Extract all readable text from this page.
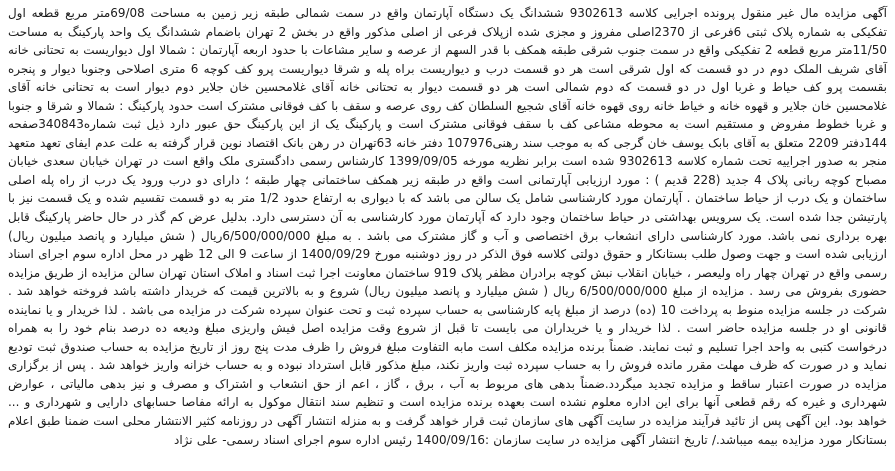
آگهی مزایده مال غیر منقول پرونده اجرایی کلاسه 9302613 ششدانگ یک دستگاه آپارتمان واقع در سمت شمالی طبقه زیر زمین به مساحت 69/08متر مربع قطعه اول تفکیکی به شماره پلاک ثبتی 6فرعی از 2370اصلی مفروز و مجزی شده ازپلاک فرعی از اصلی مذکور واقع در بخش 2 تهران باضمام ششدانگ یک واحد پارکینگ به مساحت 11/50متر مربع قطعه 2 تفکیکی واقع در سمت جنوب شرقی طبقه همکف با قدر السهم از عرصه و سایر مشاعات با حدود اربعه آپارتمان : شمالا اول دیواریست به تحتانی خانه آقای شریف الملک دوم در دو قسمت که اول شرقی است هر دو قسمت درب و دیواریست براه پله و شرقا دیواریست پرو کف کوچه 6 متری اصلاحی وجنوبا دیوار و پنجره بقسمت پرو کف حیاط و غربا اول در دو قسمت که دوم شمالی است هر دو قسمت دیوار به تحتانی خانه آقای غلامحسین خان جلایر دوم دیوار است به تحتانی خانه آقای غلامحسین خان جلایر و قهوه خانه و خیاط خانه روی قهوه خانه آقای شجیع السلطان کف روی عرصه و سقف با کف فوقانی مشترک است حدود پارکینگ : شمالا و شرقا و جنوبا و غربا خطوط مفروض و مستقیم است به محوطه مشاعی کف با سقف فوقانی مشترک است و پارکینگ یک از این پارکینگ حق عبور دارد ذیل ثبت شماره340843صفحه 144دفتر 2209 متعلق به آقای بابک یوسف خان گرجی که به موجب سند رهنی107976 دفتر خانه 63تهران در رهن بانک اقتصاد نوین قرار گرفته به علت عدم ایفای تعهد متعهد منجر به صدور اجراییه تحت شماره کلاسه 9302613 شده است برابر نظریه مورخه 1399/09/05 کارشناس رسمی دادگستری ملک واقع است در تهران خیابان سعدی خیابان مصباح کوچه ربانی پلاک 4 جدید (228 قدیم ) : مورد ارزیابی آپارتمانی است واقع در طبقه زیر همکف ساختمانی چهار طبقه ؛ دارای دو درب ورود یک درب از راه پله اصلی ساختمان و یک درب از حیاط ساختمان . آپارتمان مورد کارشناسی شامل یک سالن می باشد که با دیواری به ارتفاع حدود 1/2 متر به دو قسمت تقسیم شده و یک قسمت نیز با پارتیشن جدا شده است. یک سرویس بهداشتی در حیاط ساختمان وجود دارد که آپارتمان مورد کارشناسی به آن دسترسی دارد. بدلیل عرض کم گذر در حال حاضر پارکینگ قابل بهره برداری نمی باشد. مورد کارشناسی دارای انشعاب برق اختصاصی و آب و گاز مشترک می باشد . به مبلغ 6/500/000/000ریال ( شش میلیارد و پانصد میلیون ریال) ارزیابی شده است و جهت وصول طلب بستانکار و حقوق دولتی کلاسه فوق الذکر در روز دوشنبه مورخ 1400/09/29 از ساعت 9 الی 12 ظهر در محل اداره سوم اجرای اسناد رسمی واقع در تهران چهار راه ولیعصر ، خیابان انقلاب نبش کوچه برادران مظفر پلاک 919 ساختمان معاونت اجرا ثبت اسناد و املاک استان تهران سالن مزایده از طریق مزایده حضوری بفروش می رسد . مزایده از مبلغ 6/500/000/000 ریال ( شش میلیارد و پانصد میلیون ریال) شروع و به بالاترین قیمت که خریدار داشته باشد فروخته خواهد شد . شرکت در جلسه مزایده منوط به پرداخت 10 (ده) درصد از مبلغ پایه کارشناسی به حساب سپرده ثبت و تحت عنوان سپرده شرکت در مزایده می باشد . لذا خریدار و یا نماینده قانونی او در جلسه مزایده حاضر است . لذا خریدار و یا خریداران می بایست تا قبل از شروع وقت مزایده اصل فیش واریزی مبلغ ودیعه ده درصد بنام خود را به همراه درخواست کتبی به واحد اجرا تسلیم و ثبت نمایند. ضمناً برنده مزایده مکلف است مابه التفاوت مبلغ فروش را ظرف مدت پنج روز از تاریخ مزایده به حساب صندوق ثبت تودیع نماید و در صورت که ظرف مهلت مقرر مانده فروش را به حساب سپرده ثبت واریز نکند، مبلغ مذکور قابل استرداد نبوده و به حساب خزانه واریز خواهد شد . پس از برگزاری مزایده در صورت اعتبار ساقط و مزایده تجدید میگردد.ضمناً بدهی های مربوط به آب ، برق ، گاز ، اعم از حق انشعاب و اشتراک و مصرف و نیز بدهی مالیاتی ، عوارض شهرداری و غیره که رقم قطعی آنها برای این اداره معلوم نشده است بعهده برنده مزایده است و تنظیم سند انتقال موکول به ارائه مفاصا حسابهای دارایی و شهرداری و ... خواهد بود. این آگهی پس از تائید فرآیند مزایده در سایت آگهی های سازمان ثبت قرار خواهد گرفت و به منزله انتشار آگهی در روزنامه کثیر الانتشار محلی است ضمنا طبق اعلام بستانکار مورد مزایده بیمه میباشد./ تاریخ انتشار آگهی مزایده در سایت سازمان :1400/09/16 رئیس اداره سوم اجرای اسناد رسمی- علی نژاد
